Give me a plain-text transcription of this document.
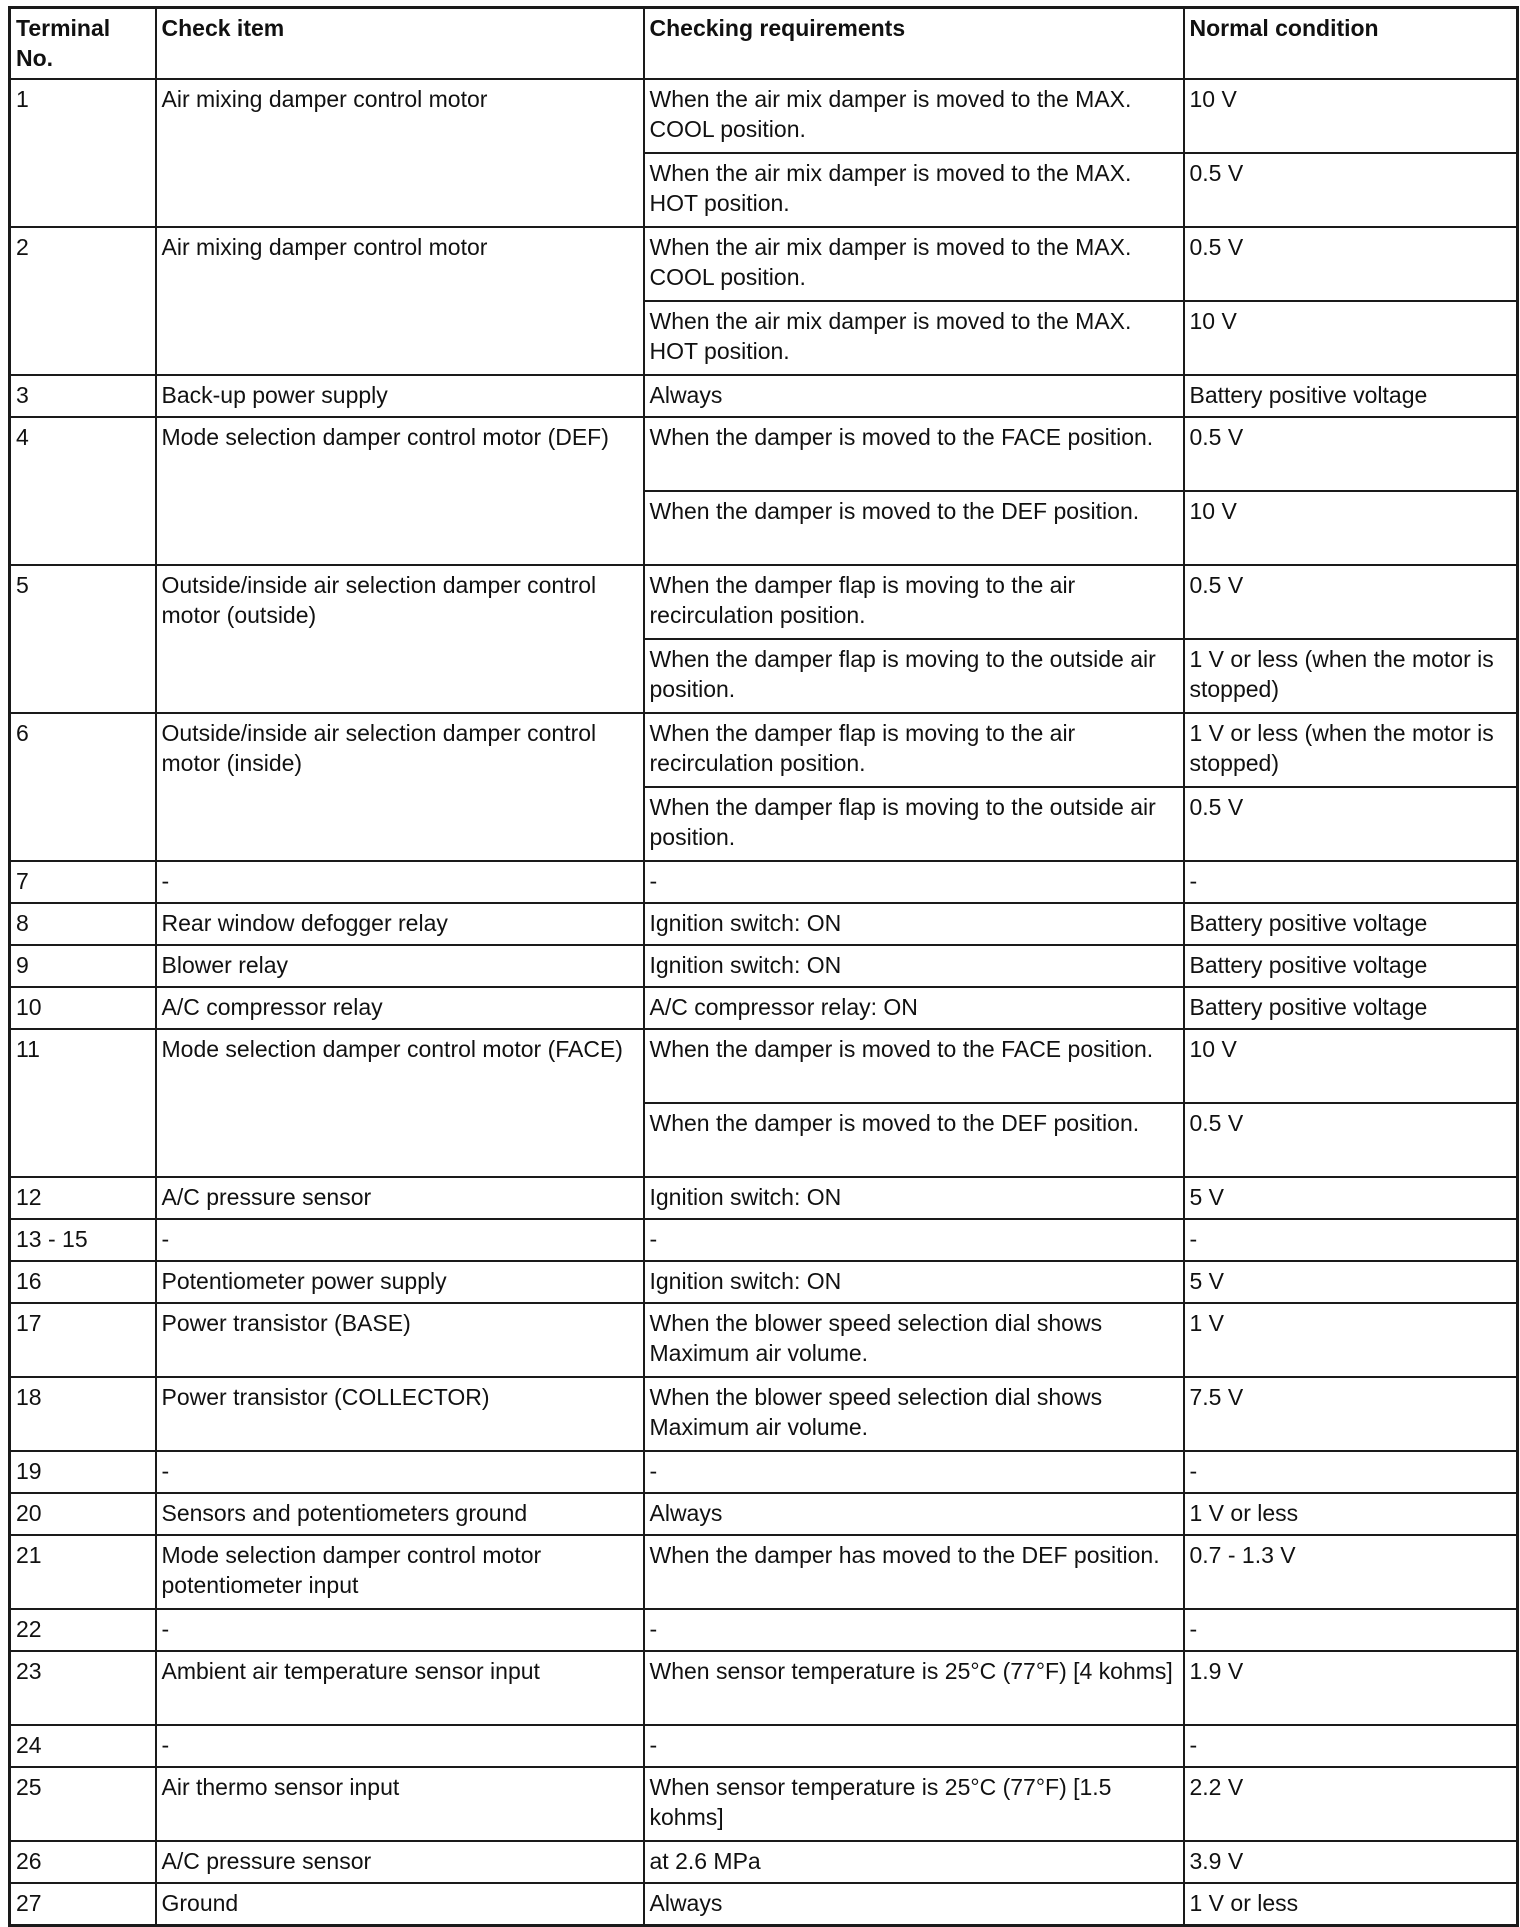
Terminal No.	Check item	Checking requirements	Normal condition
1	Air mixing damper control motor	When the air mix damper is moved to the MAX. COOL position.	10 V
		When the air mix damper is moved to the MAX. HOT position.	0.5 V
2	Air mixing damper control motor	When the air mix damper is moved to the MAX. COOL position.	0.5 V
		When the air mix damper is moved to the MAX. HOT position.	10 V
3	Back-up power supply	Always	Battery positive voltage
4	Mode selection damper control motor (DEF)	When the damper is moved to the FACE position.	0.5 V
		When the damper is moved to the DEF position.	10 V
5	Outside/inside air selection damper control motor (outside)	When the damper flap is moving to the air recirculation position.	0.5 V
		When the damper flap is moving to the outside air position.	1 V or less (when the motor is stopped)
6	Outside/inside air selection damper control motor (inside)	When the damper flap is moving to the air recirculation position.	1 V or less (when the motor is stopped)
		When the damper flap is moving to the outside air position.	0.5 V
7	-	-	-
8	Rear window defogger relay	Ignition switch: ON	Battery positive voltage
9	Blower relay	Ignition switch: ON	Battery positive voltage
10	A/C compressor relay	A/C compressor relay: ON	Battery positive voltage
11	Mode selection damper control motor (FACE)	When the damper is moved to the FACE position.	10 V
		When the damper is moved to the DEF position.	0.5 V
12	A/C pressure sensor	Ignition switch: ON	5 V
13 - 15	-	-	-
16	Potentiometer power supply	Ignition switch: ON	5 V
17	Power transistor (BASE)	When the blower speed selection dial shows Maximum air volume.	1 V
18	Power transistor (COLLECTOR)	When the blower speed selection dial shows Maximum air volume.	7.5 V
19	-	-	-
20	Sensors and potentiometers ground	Always	1 V or less
21	Mode selection damper control motor potentiometer input	When the damper has moved to the DEF position.	0.7 - 1.3 V
22	-	-	-
23	Ambient air temperature sensor input	When sensor temperature is 25°C (77°F) [4 kohms]	1.9 V
24	-	-	-
25	Air thermo sensor input	When sensor temperature is 25°C (77°F) [1.5 kohms]	2.2 V
26	A/C pressure sensor	at 2.6 MPa	3.9 V
27	Ground	Always	1 V or less
